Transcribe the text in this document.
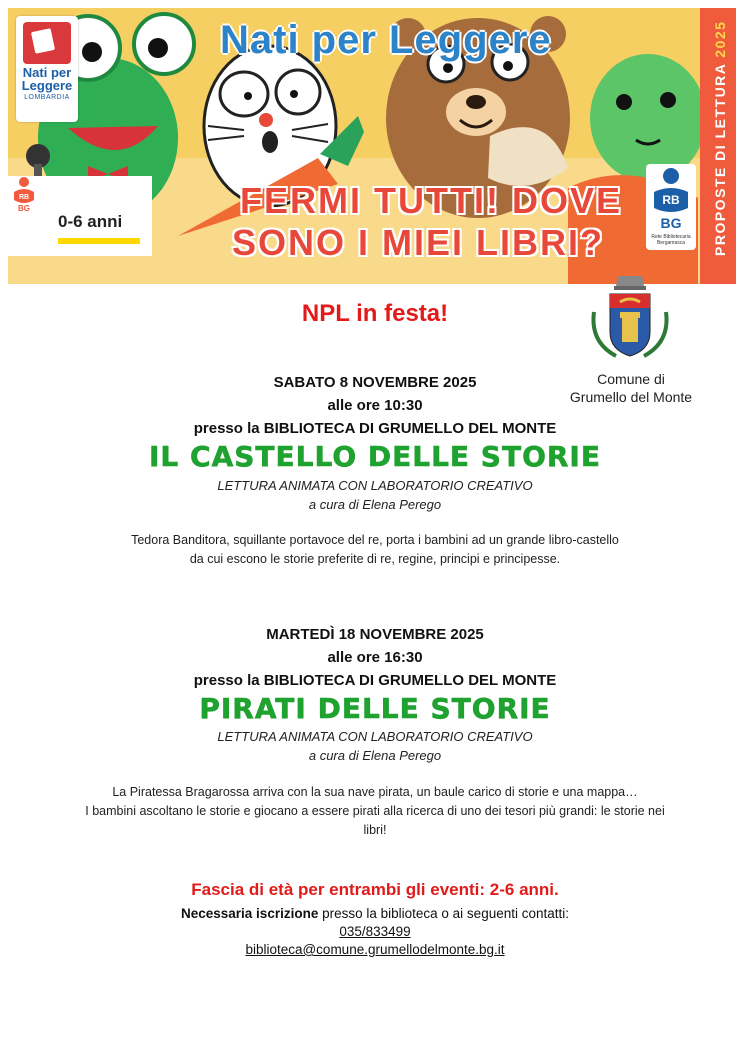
Nati per
Leggere
LOMBARDIA
Nati per Leggere
FERMI TUTTI! DOVE
SONO I MIEI LIBRI?
RB
BG
0-6 anni
RB
BG
Rete Bibliotecaria Bergamasca	PROPOSTE DI LETTURA 2025
NPL in festa!
Comune di
Grumello del Monte
SABATO 8 NOVEMBRE 2025
alle ore 10:30
presso la BIBLIOTECA DI GRUMELLO DEL MONTE
IL CASTELLO DELLE STORIE
LETTURA ANIMATA CON LABORATORIO CREATIVO
a cura di Elena Perego
Tedora Banditora, squillante portavoce del re, porta i bambini ad un grande libro-castello
da cui escono le storie preferite di re, regine, principi e principesse.
MARTEDÌ 18 NOVEMBRE 2025
alle ore 16:30
presso la BIBLIOTECA DI GRUMELLO DEL MONTE
PIRATI DELLE STORIE
LETTURA ANIMATA CON LABORATORIO CREATIVO
a cura di Elena Perego
La Piratessa Bragarossa arriva con la sua nave pirata, un baule carico di storie e una mappa…
I bambini ascoltano le storie e giocano a essere pirati alla ricerca di uno dei tesori più grandi: le storie nei
libri!
Fascia di età per entrambi gli eventi: 2-6 anni.
Necessaria iscrizione presso la biblioteca o ai seguenti contatti:
035/833499
biblioteca@comune.grumellodelmonte.bg.it
